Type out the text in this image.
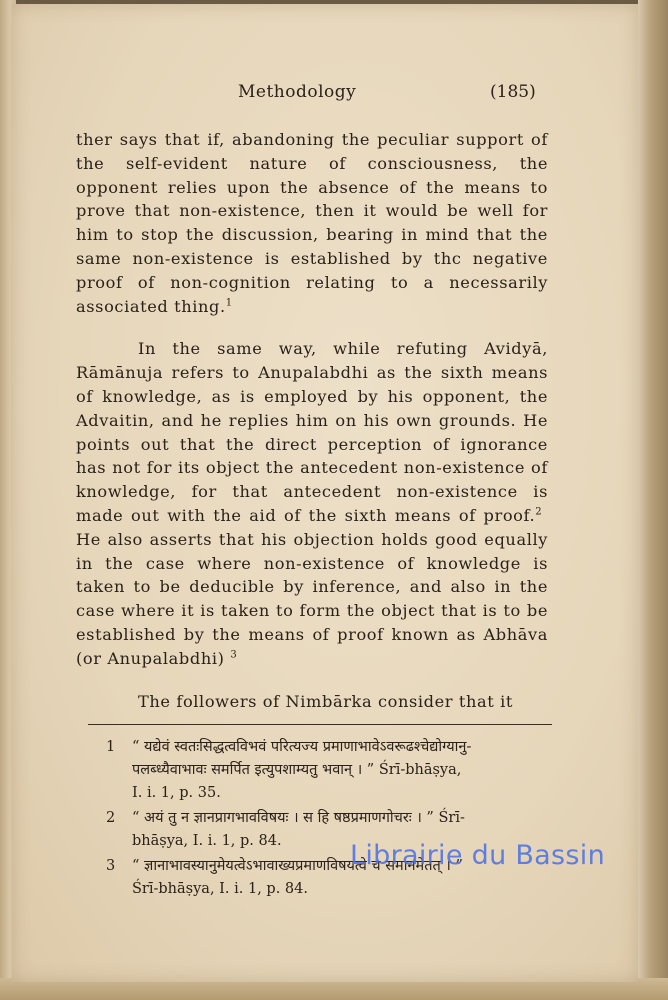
Methodology	(185)

ther says that if, abandoning the peculiar support of the self-evident nature of consciousness, the opponent relies upon the absence of the means to prove that non-existence, then it would be well for him to stop the discussion, bearing in mind that the same non-existence is established by thc negative proof of non-cognition relating to a necessarily associated thing.$^1$

In the same way, while refuting Avidyā, Rāmānuja refers to Anupalabdhi as the sixth means of knowledge, as is employed by his opponent, the Advaitin, and he replies him on his own grounds. He points out that the direct perception of ignorance has not for its object the antecedent non-existence of knowledge, for that antecedent non-existence is made out with the aid of the sixth means of proof.$^2$  He also asserts that his objection holds good equally in the case where non-existence of knowledge is taken to be deducible by inference, and also in the case where it is taken to form the object that is to be established by the means of proof known as Abhāva (or Anupalabdhi) $^3$

The followers of Nimbārka consider that it

1 “ यद्येवं स्वतःसिद्धत्वविभवं परित्यज्य प्रमाणाभावेऽवरूढश्चेद्योग्यानु-
पलब्ध्यैवाभावः समर्पित इत्युपशाम्यतु भवान् । ” Śrī-bhāṣya,
I. i. 1, p. 35.
2 “ अयं तु न ज्ञानप्रागभावविषयः । स हि षष्ठप्रमाणगोचरः । ” Śrī-
bhāṣya, I. i. 1, p. 84.
3 “ ज्ञानाभावस्यानुमेयत्वेऽभावाख्यप्रमाणविषयत्वे च समानमेतत् । ”
Śrī-bhāṣya, I. i. 1, p. 84.
Librairie du Bassin
